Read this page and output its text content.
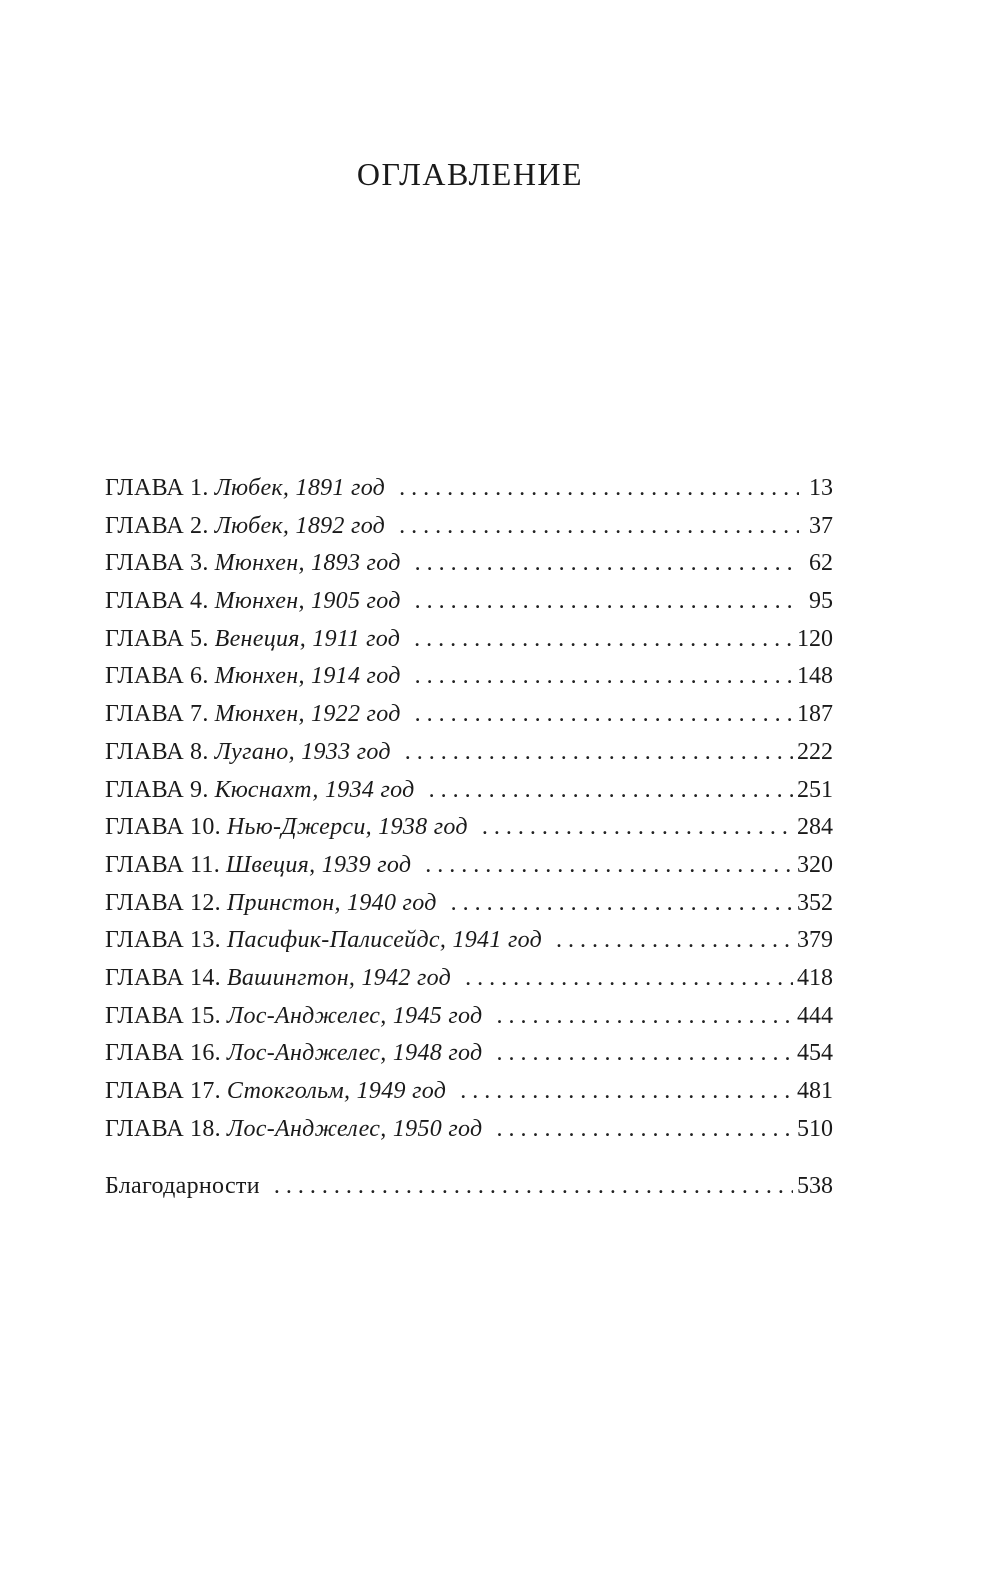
ОГЛАВЛЕНИЕ
ГЛАВА 1. Любек, 1891 год . . .	13
ГЛАВА 2. Любек, 1892 год . . .	37
ГЛАВА 3. Мюнхен, 1893 год . . .	62
ГЛАВА 4. Мюнхен, 1905 год . . .	95
ГЛАВА 5. Венеция, 1911 год . . .	120
ГЛАВА 6. Мюнхен, 1914 год . . .	148
ГЛАВА 7. Мюнхен, 1922 год . . .	187
ГЛАВА 8. Лугано, 1933 год . . .	222
ГЛАВА 9. Кюснахт, 1934 год . . .	251
ГЛАВА 10. Нью-Джерси, 1938 год . . .	284
ГЛАВА 11. Швеция, 1939 год . . .	320
ГЛАВА 12. Принстон, 1940 год . . .	352
ГЛАВА 13. Пасифик-Палисейдс, 1941 год . . .	379
ГЛАВА 14. Вашингтон, 1942 год . . .	418
ГЛАВА 15. Лос-Анджелес, 1945 год . . .	444
ГЛАВА 16. Лос-Анджелес, 1948 год . . .	454
ГЛАВА 17. Стокгольм, 1949 год . . .	481
ГЛАВА 18. Лос-Анджелес, 1950 год . . .	510
Благодарности . . .	538
